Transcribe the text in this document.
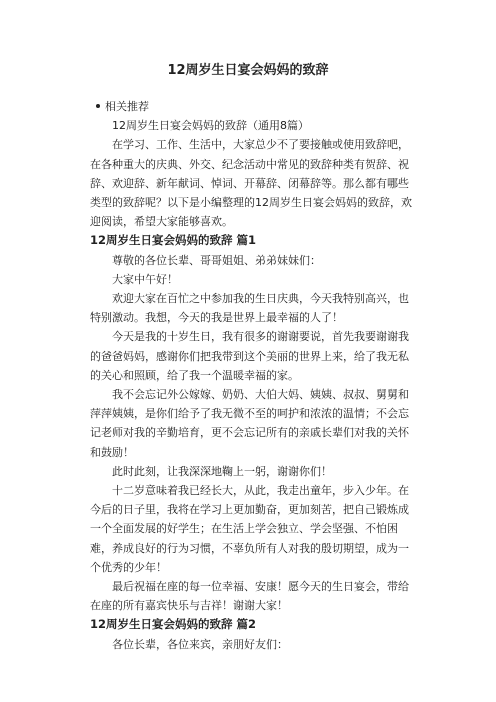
12周岁生日宴会妈妈的致辞
相关推荐

12周岁生日宴会妈妈的致辞（通用8篇）

在学习、工作、生活中，大家总少不了要接触或使用致辞吧，在各种重大的庆典、外交、纪念活动中常见的致辞种类有贺辞、祝辞、欢迎辞、新年献词、悼词、开幕辞、闭幕辞等。那么都有哪些类型的致辞呢？以下是小编整理的12周岁生日宴会妈妈的致辞，欢迎阅读，希望大家能够喜欢。

12周岁生日宴会妈妈的致辞 篇1

尊敬的各位长辈、哥哥姐姐、弟弟妹妹们：

大家中午好！

欢迎大家在百忙之中参加我的生日庆典，今天我特别高兴，也特别激动。我想，今天的我是世界上最幸福的人了！

今天是我的十岁生日，我有很多的谢谢要说，首先我要谢谢我的爸爸妈妈，感谢你们把我带到这个美丽的世界上来，给了我无私的关心和照顾，给了我一个温暖幸福的家。

我不会忘记外公嫁嫁、奶奶、大伯大妈、姨姨、叔叔、舅舅和萍萍姨姨，是你们给予了我无微不至的呵护和浓浓的温情；不会忘记老师对我的辛勤培育，更不会忘记所有的亲戚长辈们对我的关怀和鼓励！

此时此刻，让我深深地鞠上一躬，谢谢你们！

十二岁意味着我已经长大，从此，我走出童年，步入少年。在今后的日子里，我将在学习上更加勤奋，更加刻苦，把自己锻炼成一个全面发展的好学生；在生活上学会独立、学会坚强、不怕困难，养成良好的行为习惯，不辜负所有人对我的殷切期望，成为一个优秀的少年！

最后祝福在座的每一位幸福、安康！愿今天的生日宴会，带给在座的所有嘉宾快乐与吉祥！谢谢大家！

12周岁生日宴会妈妈的致辞 篇2

各位长辈，各位来宾，亲朋好友们：
